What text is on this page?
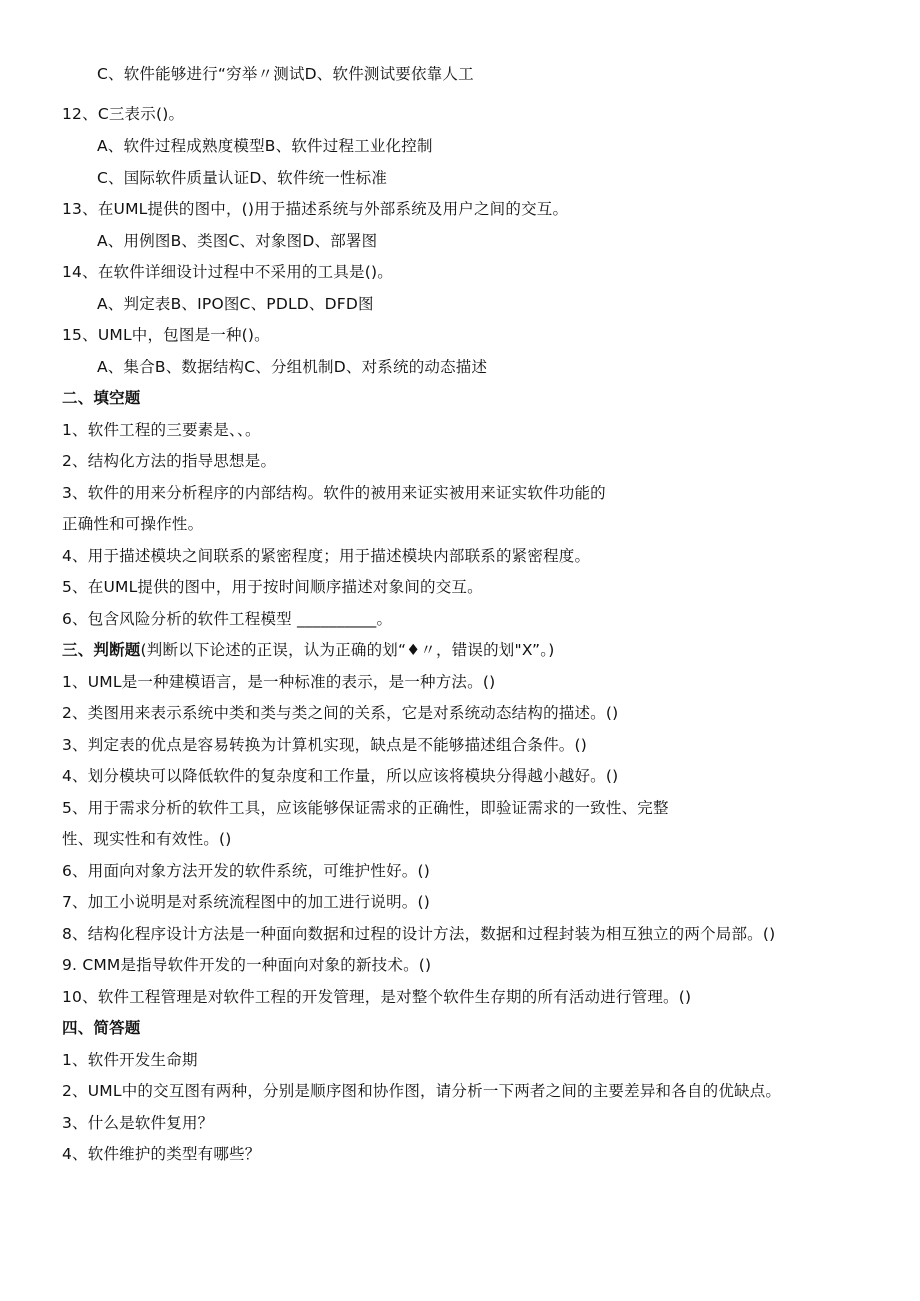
C、软件能够进行“穷举〃测试D、软件测试要依靠人工
12、C三表示()。
A、软件过程成熟度模型B、软件过程工业化控制
C、国际软件质量认证D、软件统一性标准
13、在UML提供的图中，()用于描述系统与外部系统及用户之间的交互。
A、用例图B、类图C、对象图D、部署图
14、在软件详细设计过程中不采用的工具是()。
A、判定表B、IPO图C、PDLD、DFD图
15、UML中，包图是一种()。
A、集合B、数据结构C、分组机制D、对系统的动态描述
二、填空题
1、软件工程的三要素是、、。
2、结构化方法的指导思想是。
3、软件的用来分析程序的内部结构。软件的被用来证实被用来证实软件功能的
正确性和可操作性。
4、用于描述模块之间联系的紧密程度；用于描述模块内部联系的紧密程度。
5、在UML提供的图中，用于按时间顺序描述对象间的交互。
6、包含风险分析的软件工程模型 __________。
三、判断题(判断以下论述的正误，认为正确的划“♦〃，错误的划"X”。)
1、UML是一种建模语言，是一种标准的表示，是一种方法。()
2、类图用来表示系统中类和类与类之间的关系，它是对系统动态结构的描述。()
3、判定表的优点是容易转换为计算机实现，缺点是不能够描述组合条件。()
4、划分模块可以降低软件的复杂度和工作量，所以应该将模块分得越小越好。()
5、用于需求分析的软件工具，应该能够保证需求的正确性，即验证需求的一致性、完整
性、现实性和有效性。()
6、用面向对象方法开发的软件系统，可维护性好。()
7、加工小说明是对系统流程图中的加工进行说明。()
8、结构化程序设计方法是一种面向数据和过程的设计方法，数据和过程封装为相互独立的两个局部。()
9. CMM是指导软件开发的一种面向对象的新技术。()
10、软件工程管理是对软件工程的开发管理，是对整个软件生存期的所有活动进行管理。()
四、简答题
1、软件开发生命期
2、UML中的交互图有两种，分别是顺序图和协作图，请分析一下两者之间的主要差异和各自的优缺点。
3、什么是软件复用？
4、软件维护的类型有哪些？
